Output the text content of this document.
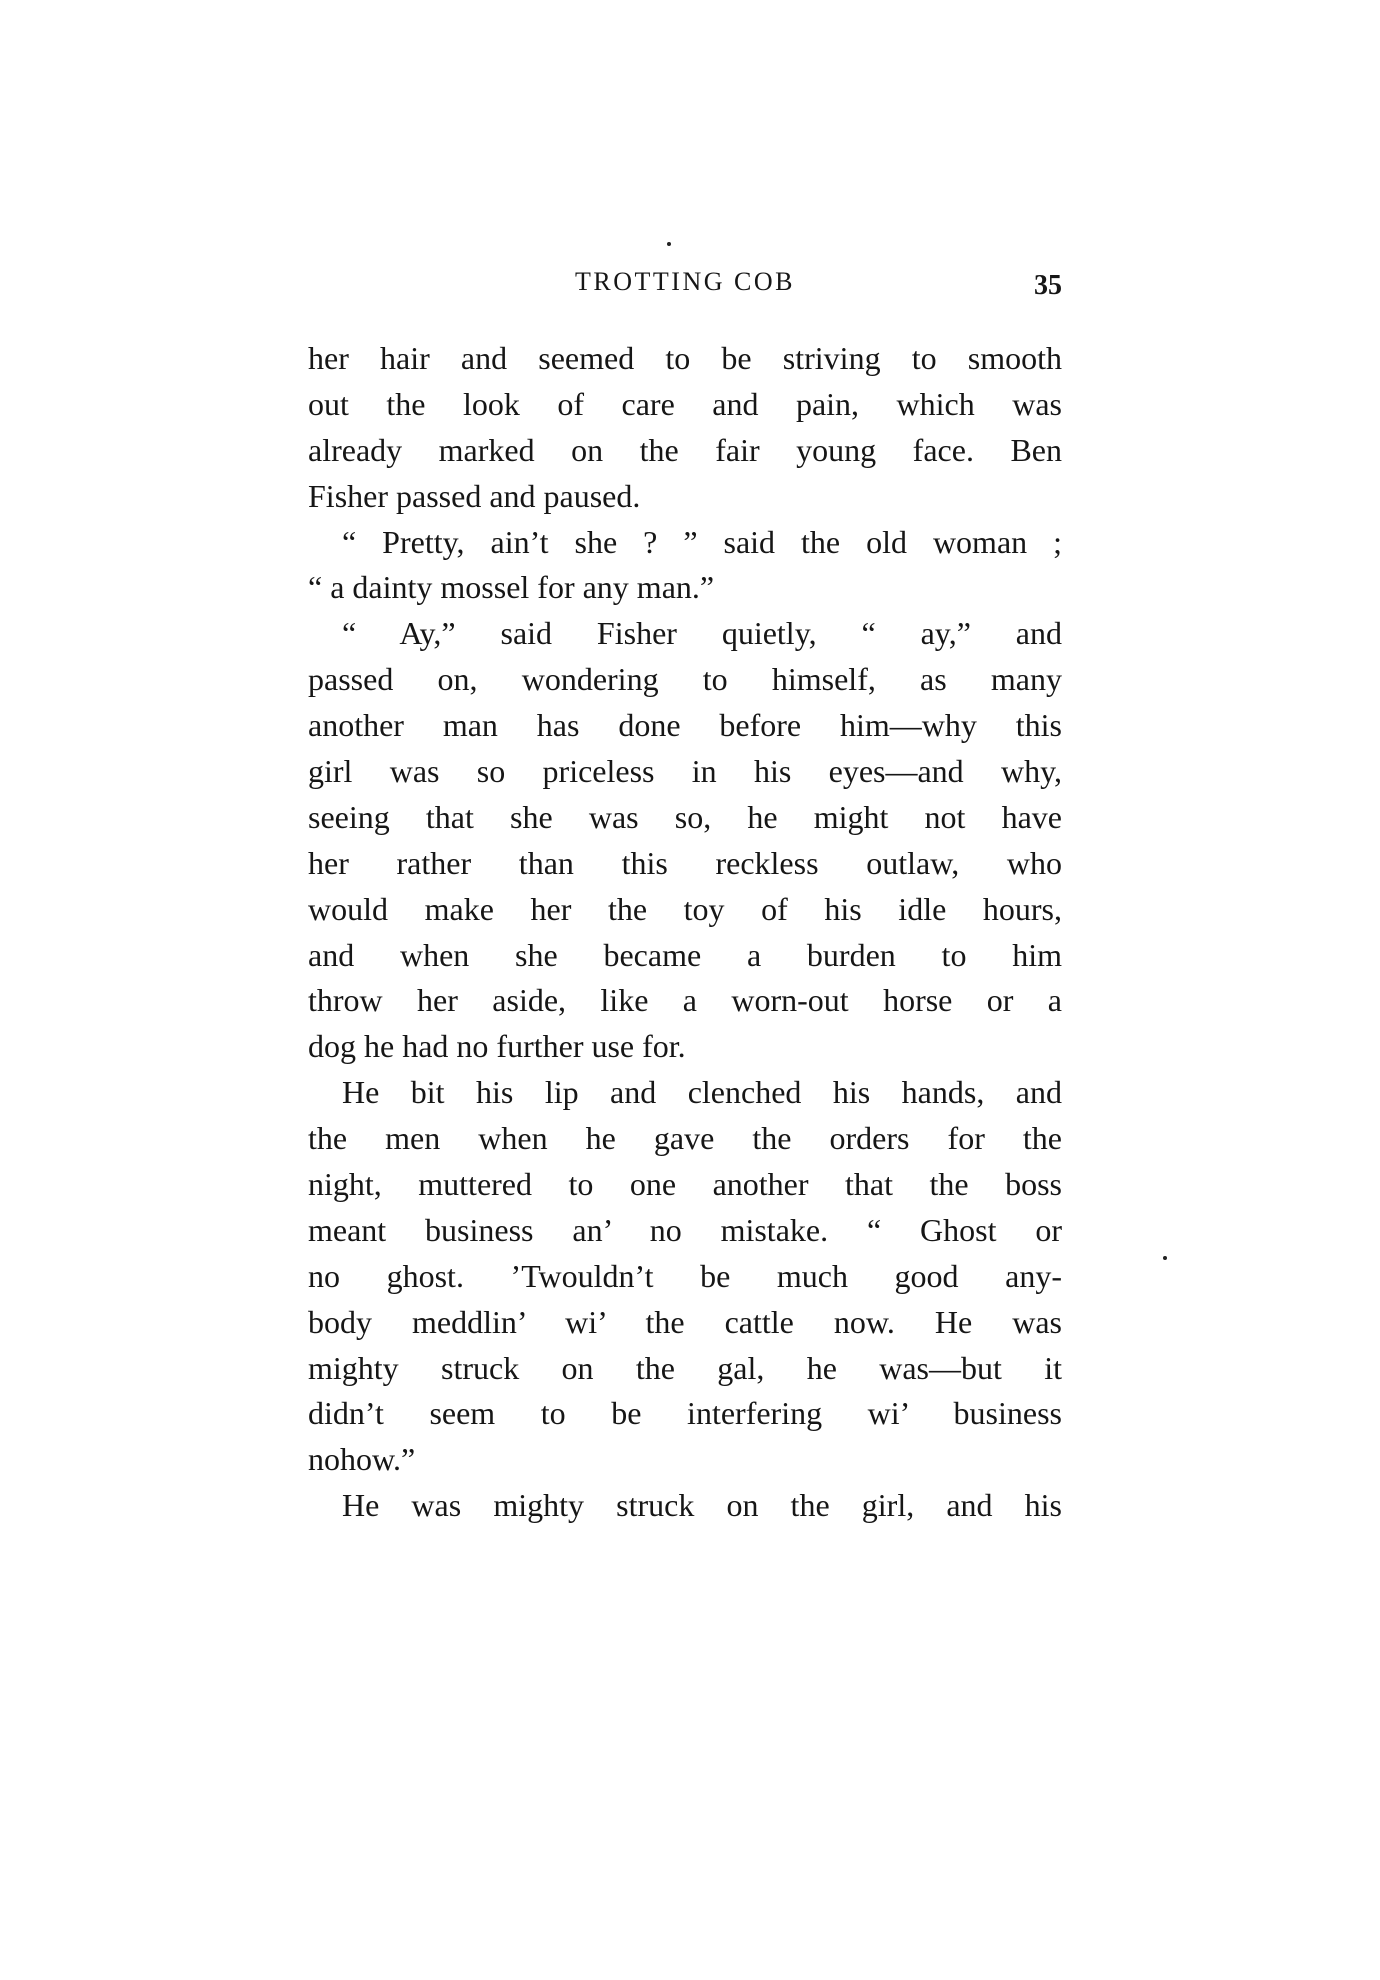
TROTTING COB	35
her hair and seemed to be striving to smooth
out the look of care and pain, which was
already marked on the fair young face. Ben
Fisher passed and paused.
“ Pretty, ain’t she ? ” said the old woman ;
“ a dainty mossel for any man.”
“ Ay,” said Fisher quietly, “ ay,” and
passed on, wondering to himself, as many
another man has done before him—why this
girl was so priceless in his eyes—and why,
seeing that she was so, he might not have
her rather than this reckless outlaw, who
would make her the toy of his idle hours,
and when she became a burden to him
throw her aside, like a worn-out horse or a
dog he had no further use for.
He bit his lip and clenched his hands, and
the men when he gave the orders for the
night, muttered to one another that the boss
meant business an’ no mistake. “ Ghost or
no ghost. ’Twouldn’t be much good any-
body meddlin’ wi’ the cattle now. He was
mighty struck on the gal, he was—but it
didn’t seem to be interfering wi’ business
nohow.”
He was mighty struck on the girl, and his
